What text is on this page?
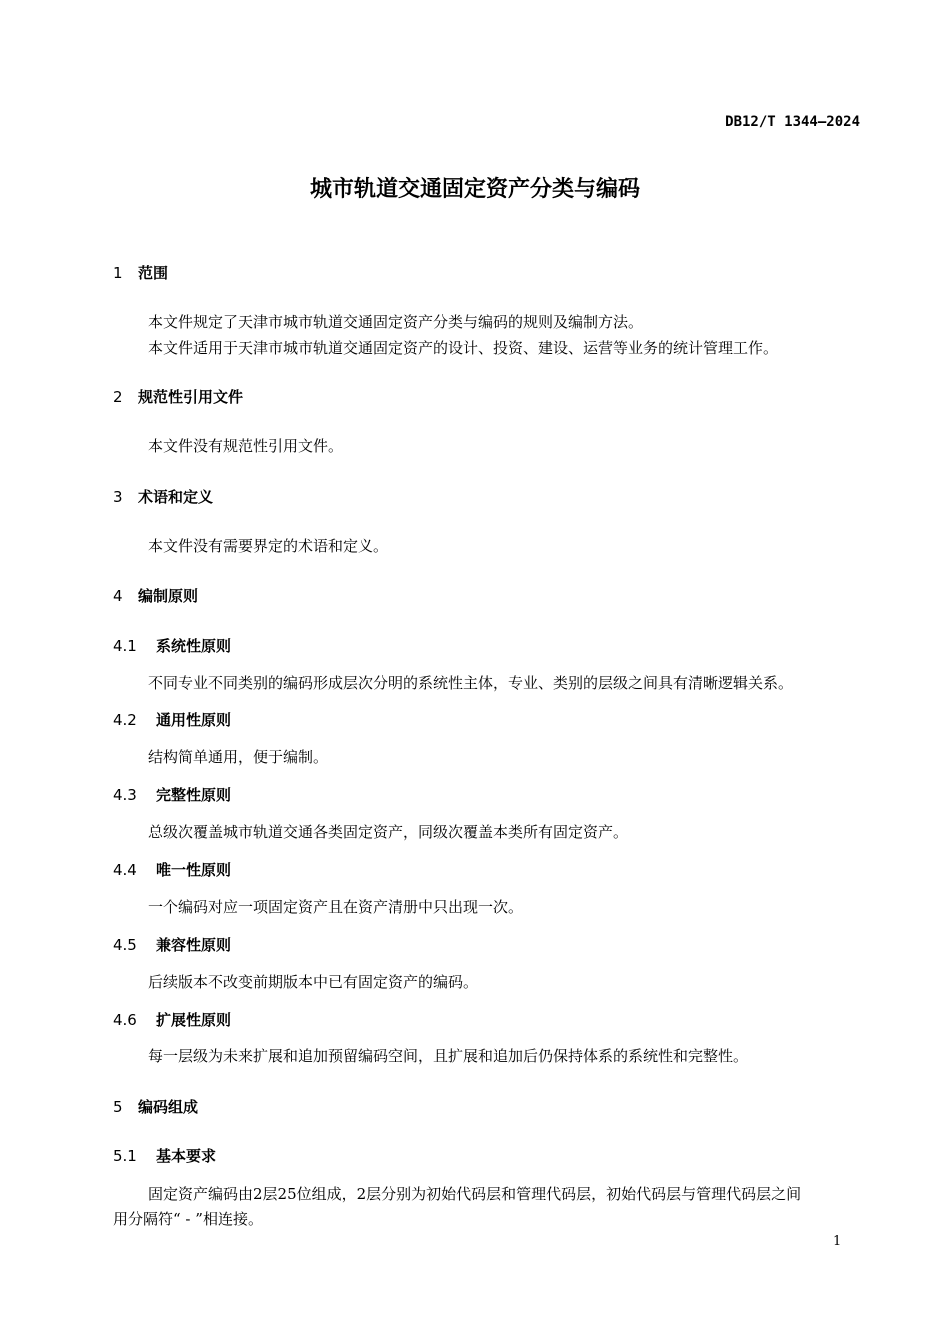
DB12/T 1344—2024
城市轨道交通固定资产分类与编码
1 范围
本文件规定了天津市城市轨道交通固定资产分类与编码的规则及编制方法。
本文件适用于天津市城市轨道交通固定资产的设计、投资、建设、运营等业务的统计管理工作。
2 规范性引用文件
本文件没有规范性引用文件。
3 术语和定义
本文件没有需要界定的术语和定义。
4 编制原则
4.1 系统性原则
不同专业不同类别的编码形成层次分明的系统性主体，专业、类别的层级之间具有清晰逻辑关系。
4.2 通用性原则
结构简单通用，便于编制。
4.3 完整性原则
总级次覆盖城市轨道交通各类固定资产，同级次覆盖本类所有固定资产。
4.4 唯一性原则
一个编码对应一项固定资产且在资产清册中只出现一次。
4.5 兼容性原则
后续版本不改变前期版本中已有固定资产的编码。
4.6 扩展性原则
每一层级为未来扩展和追加预留编码空间，且扩展和追加后仍保持体系的系统性和完整性。
5 编码组成
5.1 基本要求
固定资产编码由2层25位组成，2层分别为初始代码层和管理代码层，初始代码层与管理代码层之间
用分隔符“ - ”相连接。
1
